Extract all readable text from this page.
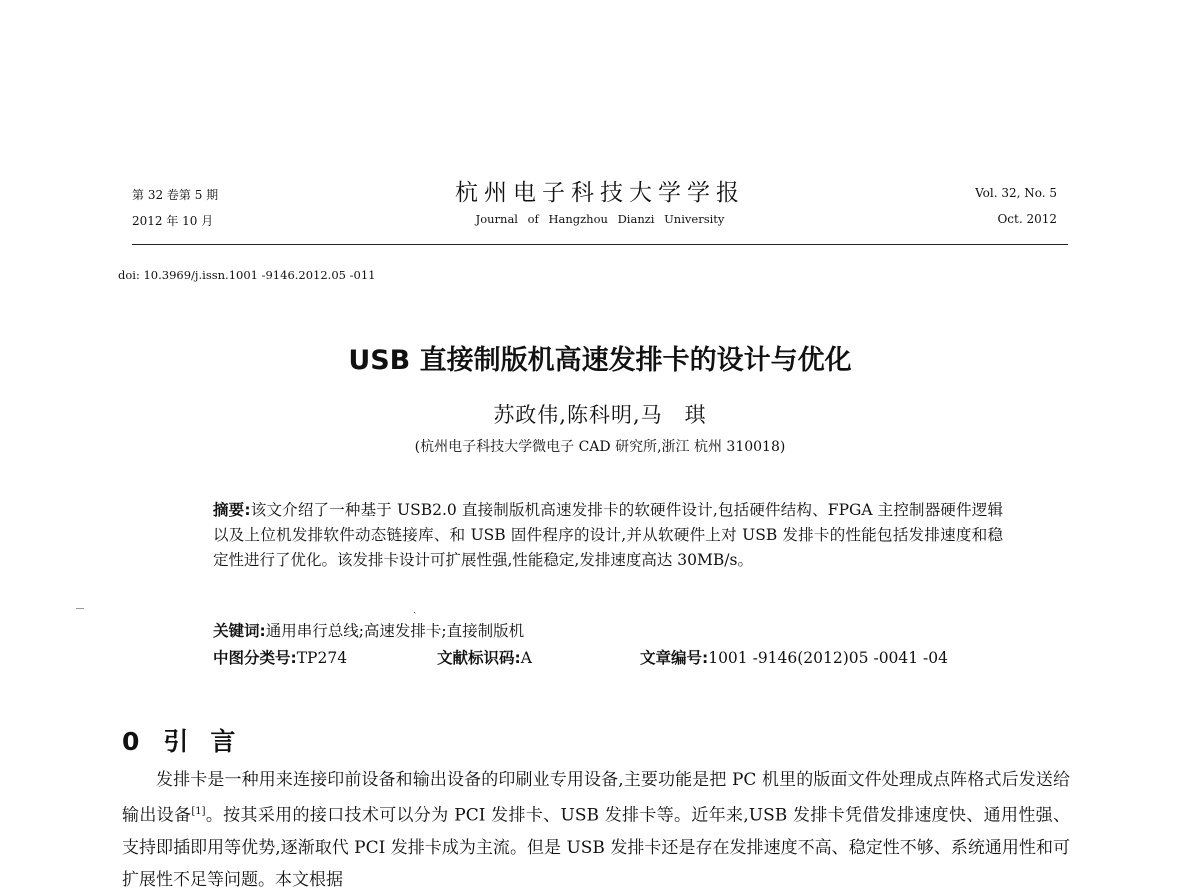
第 32 卷第 5 期
2012 年 10 月
杭州电子科技大学学报
Journal of Hangzhou Dianzi University
Vol. 32, No. 5
Oct. 2012
doi: 10.3969/j.issn.1001 -9146.2012.05 -011
USB 直接制版机高速发排卡的设计与优化
苏政伟,陈科明,马　琪
(杭州电子科技大学微电子 CAD 研究所,浙江 杭州 310018)

摘要:该文介绍了一种基于 USB2.0 直接制版机高速发排卡的软硬件设计,包括硬件结构、FPGA 主控制器硬件逻辑以及上位机发排软件动态链接库、和 USB 固件程序的设计,并从软硬件上对 USB 发排卡的性能包括发排速度和稳定性进行了优化。该发排卡设计可扩展性强,性能稳定,发排速度高达 30MB/s。

ˎ
关键词:通用串行总线;高速发排卡;直接制版机
中图分类号:TP274	文献标识码:A	文章编号:1001 -9146(2012)05 -0041 -04
0 引言

发排卡是一种用来连接印前设备和输出设备的印刷业专用设备,主要功能是把 PC 机里的版面文件处理成点阵格式后发送给输出设备[1]。按其采用的接口技术可以分为 PCI 发排卡、USB 发排卡等。近年来,USB 发排卡凭借发排速度快、通用性强、支持即插即用等优势,逐渐取代 PCI 发排卡成为主流。但是 USB 发排卡还是存在发排速度不高、稳定性不够、系统通用性和可扩展性不足等问题。本文根据
